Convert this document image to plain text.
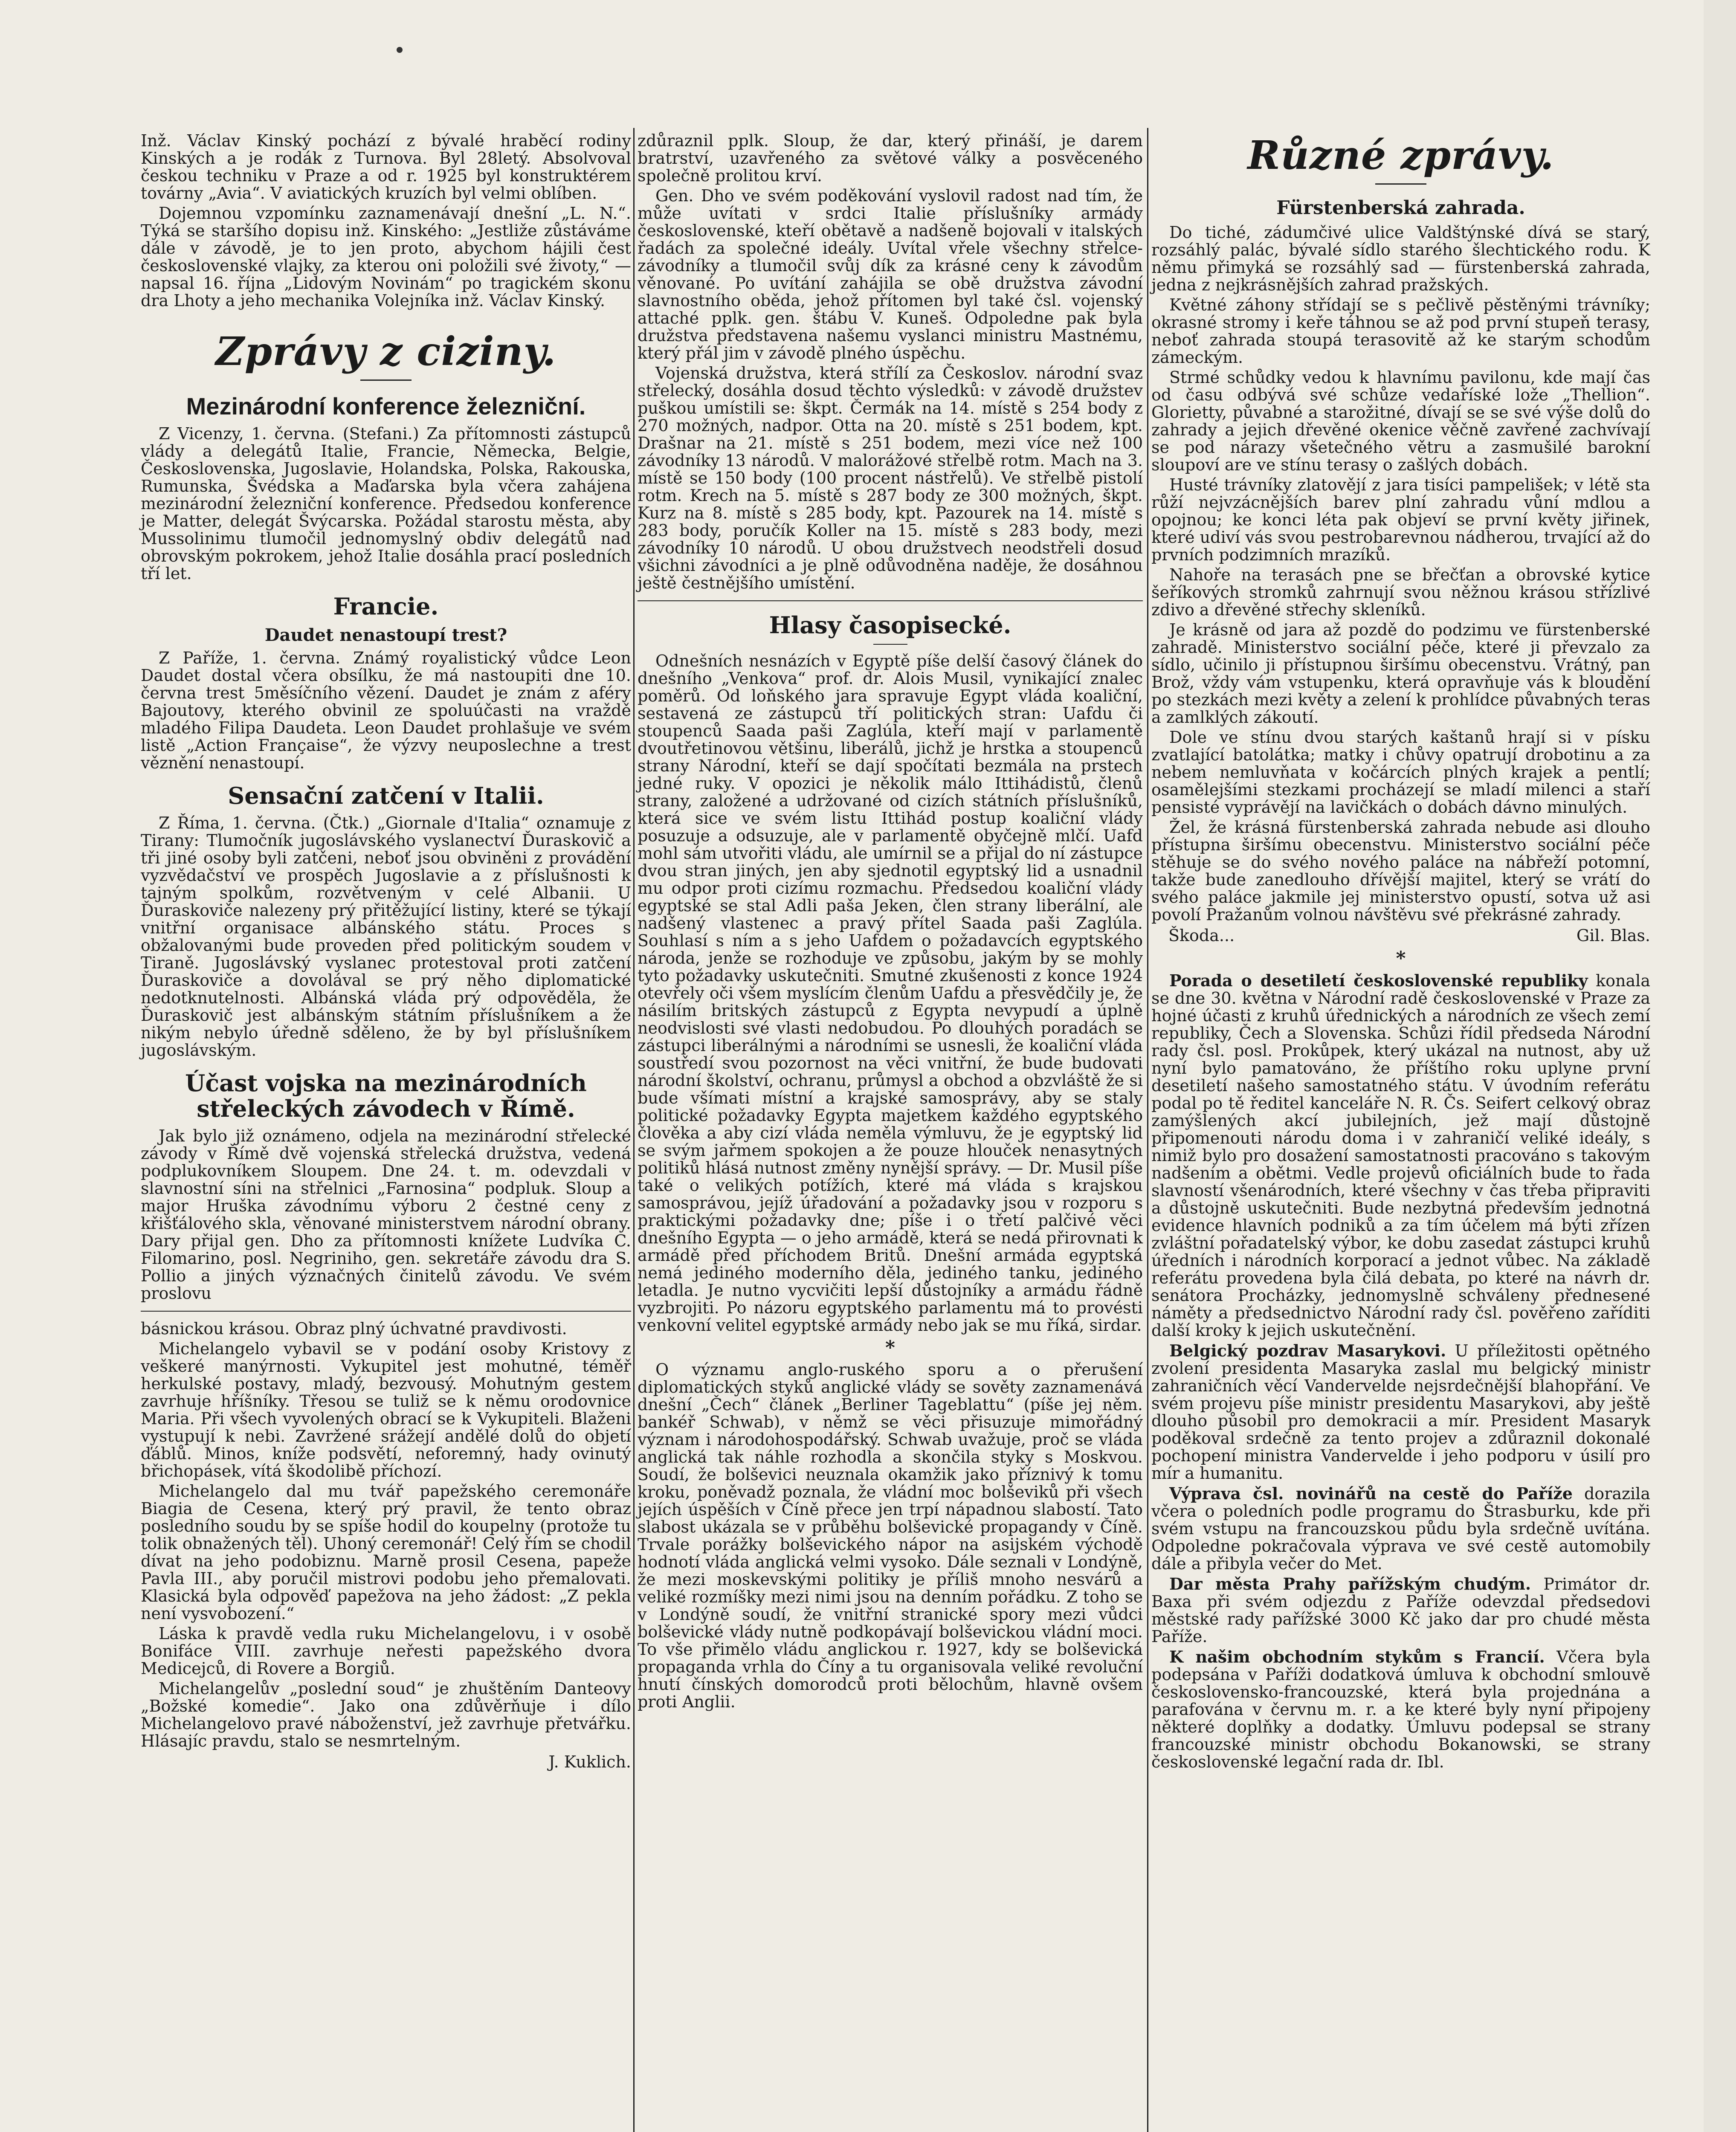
Inž. Václav Kinský pochází z bývalé hraběcí rodiny Kinských a je rodák z Turnova. Byl 28letý. Absolvoval českou techniku v Praze a od r. 1925 byl konstruktérem továrny „Avia“. V aviatických kruzích byl velmi oblíben.

Dojemnou vzpomínku zaznamenávají dnešní „L. N.“. Týká se staršího dopisu inž. Kinského: „Jestliže zůstáváme dále v závodě, je to jen proto, abychom hájili čest československé vlajky, za kterou oni položili své životy,“ — napsal 16. října „Lidovým Novinám“ po tragickém skonu dra Lhoty a jeho mechanika Volejníka inž. Václav Kinský.

Zprávy z ciziny.
Mezinárodní konference železniční.

Z Vicenzy, 1. června. (Stefani.) Za přítomnosti zástupců vlády a delegátů Italie, Francie, Německa, Belgie, Československa, Jugoslavie, Holandska, Polska, Rakouska, Rumunska, Švédska a Maďarska byla včera zahájena mezinárodní železniční konference. Předsedou konference je Matter, delegát Švýcarska. Požádal starostu města, aby Mussolinimu tlumočil jednomyslný obdiv delegátů nad obrovským pokrokem, jehož Italie dosáhla prací posledních tří let.

Francie.
Daudet nenastoupí trest?

Z Paříže, 1. června. Známý royalistický vůdce Leon Daudet dostal včera obsílku, že má nastoupiti dne 10. června trest 5měsíčního vězení. Daudet je znám z aféry Bajoutovy, kterého obvinil ze spoluúčasti na vraždě mladého Filipa Daudeta. Leon Daudet prohlašuje ve svém listě „Action Française“, že výzvy neuposlechne a trest věznění nenastoupí.

Sensační zatčení v Italii.

Z Říma, 1. června. (Čtk.) „Giornale d'Italia“ oznamuje z Tirany: Tlumočník jugoslávského vyslanectví Ďuraskovič a tři jiné osoby byli zatčeni, neboť jsou obviněni z provádění vyzvědačství ve prospěch Jugoslavie a z příslušnosti k tajným spolkům, rozvětveným v celé Albanii. U Ďuraskoviče nalezeny prý přitěžující listiny, které se týkají vnitřní organisace albánského státu. Proces s obžalovanými bude proveden před politickým soudem v Tiraně. Jugoslávský vyslanec protestoval proti zatčení Ďuraskoviče a dovolával se prý něho diplomatické nedotknutelnosti. Albánská vláda prý odpověděla, že Ďuraskovič jest albánským státním příslušníkem a že nikým nebylo úředně sdělenо, že by byl příslušníkem jugoslávským.

Účast vojska na mezinárodních střeleckých závodech v Římě.

Jak bylo již oznámeno, odjela na mezinárodní střelecké závody v Římě dvě vojenská střelecká družstva, vedená podplukovníkem Sloupem. Dne 24. t. m. odevzdali v slavnostní síni na střelnici „Farnosina“ podpluk. Sloup a major Hruška závodnímu výboru 2 čestné ceny z křišťálového skla, věnované ministerstvem národní obrany. Dary přijal gen. Dho za přítomnosti knížete Ludvíka C. Filomarino, posl. Negriniho, gen. sekretáře závodu dra S. Pollio a jiných význačných činitelů závodu. Ve svém proslovu

básnickou krásou. Obraz plný úchvatné pravdivosti.

Michelangelo vybavil se v podání osoby Kristovy z veškeré manýrnosti. Vykupitel jest mohutné, téměř herkulské postavy, mladý, bezvousý. Mohutným gestem zavrhuje hříšníky. Třesou se tuliž se k němu orodovnice Maria. Při všech vyvolených obrací se k Vykupiteli. Blaženi vystupují k nebi. Zavržené srážejí andělé dolů do objetí ďáblů. Minos, kníže podsvětí, neforemný, hady ovinutý břichopásek, vítá škodolibě příchozí.

Michelangelo dal mu tvář papežského ceremonáře Biagia de Cesena, který prý pravil, že tento obraz posledního soudu by se spíše hodil do koupelny (protože tu tolik obnažených těl). Uhoný ceremonář! Celý řím se chodil dívat na jeho podobiznu. Marně prosil Cesena, papeže Pavla III., aby poručil mistrovi podobu jeho přemalovati. Klasická byla odpověď papežova na jeho žádost: „Z pekla není vysvobození.“

Láska k pravdě vedla ruku Michelangelovu, i v osobě Bonifáce VIII. zavrhuje neřesti papežského dvora Medicejců, di Rovere a Borgiů.

Michelangelův „poslední soud“ je zhuštěním Danteovy „Božské komedie“. Jako ona zdůvěrňuje i dílo Michelangelovo pravé náboženství, jež zavrhuje přetvářku. Hlásajíc pravdu, stalo se nesmrtelným.

J. Kuklich.

zdůraznil pplk. Sloup, že dar, který přináší, je darem bratrství, uzavřeného za světové války a posvěceného společně prolitou krví.

Gen. Dho ve svém poděkování vyslovil radost nad tím, že může uvítati v srdci Italie příslušníky armády československé, kteří obětavě a nadšeně bojovali v italských řadách za společné ideály. Uvítal vřele všechny střelce-závodníky a tlumočil svůj dík za krásné ceny k závodům věnované. Po uvítání zahájila se obě družstva závodní slavnostního oběda, jehož přítomen byl také čsl. vojenský attaché pplk. gen. štábu V. Kuneš. Odpoledne pak byla družstva představena našemu vyslanci ministru Mastnému, který přál jim v závodě plného úspěchu.

Vojenská družstva, která střílí za Českoslov. národní svaz střelecký, dosáhla dosud těchto výsledků: v závodě družstev puškou umístili se: škpt. Čermák na 14. místě s 254 body z 270 možných, nadpor. Otta na 20. místě s 251 bodem, kpt. Drašnar na 21. místě s 251 bodem, mezi více než 100 závodníky 13 národů. V malorážové střelbě rotm. Mach na 3. místě se 150 body (100 procent nástřelů). Ve střelbě pistolí rotm. Krech na 5. místě s 287 body ze 300 možných, škpt. Kurz na 8. místě s 285 body, kpt. Pazourek na 14. místě s 283 body, poručík Koller na 15. místě s 283 body, mezi závodníky 10 národů. U obou družstvech neodstřeli dosud všichni závodníci a je plně odůvodněna naděje, že dosáhnou ještě čestnějšího umístění.

Hlasy časopisecké.

Odnešních nesnázích v Egyptě píše delší časový článek do dnešního „Venkova“ prof. dr. Alois Musil, vynikající znalec poměrů. Od loňského jara spravuje Egypt vláda koaliční, sestavená ze zástupců tří politických stran: Uafdu či stoupenců Saada paši Zaglúla, kteří mají v parlamentě dvoutřetinovou většinu, liberálů, jichž je hrstka a stoupenců strany Národní, kteří se dají spočítati bezmála na prstech jedné ruky. V opozici je několik málo Ittihádistů, členů strany, založené a udržované od cizích státních příslušníků, která sice ve svém listu Ittihád postup koaliční vlády posuzuje a odsuzuje, ale v parlamentě obyčejně mlčí. Uafd mohl sám utvořiti vládu, ale umírnil se a přijal do ní zástupce dvou stran jiných, jen aby sjednotil egyptský lid a usnadnil mu odpor proti cizímu rozmachu. Předsedou koaliční vlády egyptské se stal Adli paša Jeken, člen strany liberální, ale nadšený vlastenec a pravý přítel Saada paši Zaglúla. Souhlasí s ním a s jeho Uafdem o požadavcích egyptského národa, jenže se rozhoduje ve způsobu, jakým by se mohly tyto požadavky uskutečniti. Smutné zkušenosti z konce 1924 otevřely oči všem myslícím členům Uafdu a přesvědčily je, že násilím britských zástupců z Egypta nevypudí a úplně neodvislosti své vlasti nedobudou. Po dlouhých poradách se zástupci liberálnými a národními se usnesli, že koaliční vláda soustředí svou pozornost na věci vnitřní, že bude budovati národní školství, ochranu, průmysl a obchod a obzvláště že si bude všímati místní a krajské samosprávy, aby se staly politické požadavky Egypta majetkem každého egyptského člověka a aby cizí vláda neměla výmluvu, že je egyptský lid se svým jařmem spokojen a že pouze hlouček nenasytných politiků hlásá nutnost změny nynější správy. — Dr. Musil píše také o velikých potížích, které má vláda s krajskou samosprávou, jejíž úřadování a požadavky jsou v rozporu s praktickými požadavky dne; píše i o třetí palčivé věci dnešního Egypta — o jeho armádě, která se nedá přirovnati k armádě před příchodem Britů. Dnešní armáda egyptská nemá jediného moderního děla, jediného tanku, jediného letadla. Je nutno vycvičiti lepší důstojníky a armádu řádně vyzbrojiti. Po názoru egyptského parlamentu má to provésti venkovní velitel egyptské armády nebo jak se mu říká, sirdar.

*

O významu anglo-ruského sporu a o přerušení diplomatických styků anglické vlády se sověty zaznamenává dnešní „Čech“ článek „Berliner Tageblattu“ (píše jej něm. bankéř Schwab), v němž se věci přisuzuje mimořádný význam i národohospodářský. Schwab uvažuje, proč se vláda anglická tak náhle rozhodla a skončila styky s Moskvou. Soudí, že bolševici neuznala okamžik jako příznivý k tomu kroku, poněvadž poznala, že vládní moc bolševiků při všech jejích úspěších v Číně přece jen trpí nápadnou slabostí. Tato slabost ukázala se v průběhu bolševické propagandy v Číně. Trvale porážky bolševického nápor na asijském východě hodnotí vláda anglická velmi vysoko. Dále seznali v Londýně, že mezi moskevskými politiky je příliš mnoho nesvárů a veliké rozmíšky mezi nimi jsou na denním pořádku. Z toho se v Londýně soudí, že vnitřní stranické spory mezi vůdci bolševické vlády nutně podkopávají bolševickou vládní moci. To vše přimělo vládu anglickou r. 1927, kdy se bolševická propaganda vrhla do Číny a tu organisovala veliké revoluční hnutí čínských domorodců proti bělochům, hlavně ovšem proti Anglii.

Různé zprávy.
Fürstenberská zahrada.

Do tiché, zádumčivé ulice Valdštýnské dívá se starý, rozsáhlý palác, bývalé sídlo starého šlechtického rodu. K němu přimyká se rozsáhlý sad — fürstenberská zahrada, jedna z nejkrásnějších zahrad pražských.

Květné záhony střídají se s pečlivě pěstěnými trávníky; okrasné stromy i keře táhnou se až pod první stupeň terasy, neboť zahrada stoupá terasovitě až ke starým schodům zámeckým.

Strmé schůdky vedou k hlavnímu pavilonu, kde mají čas od času odbývá své schůze vedaříské lože „Thellion“. Glorietty, půvabné a starožitné, dívají se se své výše dolů do zahrady a jejich dřevěné okenice věčně zavřené zachvívají se pod nárazy všetečného větru a zasmušilé barokní sloupoví are ve stínu terasy o zašlých dobách.

Husté trávníky zlatovějí z jara tisíci pampelišek; v létě sta růží nejvzácnějších barev plní zahradu vůní mdlou a opojnou; ke konci léta pak objeví se první květy jiřinek, které udiví vás svou pestrobarevnou nádherou, trvající až do prvních podzimních mrazíků.

Nahoře na terasách pne se břečťan a obrovské kytice šeříkových stromků zahrnují svou něžnou krásou střízlivé zdivo a dřevěné střechy skleníků.

Je krásně od jara až pozdě do podzimu ve fürstenberské zahradě. Ministerstvo sociální péče, které ji převzalo za sídlo, učinilo ji přístupnou širšímu obecenstvu. Vrátný, pan Brož, vždy vám vstupenku, která opravňuje vás k bloudění po stezkách mezi květy a zelení k prohlídce půvabných teras a zamlklých zákoutí.

Dole ve stínu dvou starých kaštanů hrají si v písku zvatlající batolátka; matky i chůvy opatrují drobotinu a za nebem nemluvňata v kočárcích plných krajek a pentlí; osamělejšími stezkami procházejí se mladí milenci a staří pensisté vyprávějí na lavičkách o dobách dávno minulých.

Žel, že krásná fürstenberská zahrada nebude asi dlouho přístupna širšímu obecenstvu. Ministerstvo sociální péče stěhuje se do svého nového paláce na nábřeží potomní, takže bude zanedlouho dřívější majitel, který se vrátí do svého paláce jakmile jej ministerstvo opustí, sotva už asi povolí Pražanům volnou návštěvu své překrásné zahrady.

Škoda...	Gil. Blas.
*

Porada o desetiletí československé republiky konala se dne 30. května v Národní radě československé v Praze za hojné účasti z kruhů úřednických a národních ze všech zemí republiky, Čech a Slovenska. Schůzi řídil předseda Národní rady čsl. posl. Prokůpek, který ukázal na nutnost, aby už nyní bylo pamatováno, že příštího roku uplyne první desetiletí našeho samostatného státu. V úvodním referátu podal po tě ředitel kanceláře N. R. Čs. Seifert celkový obraz zamýšlených akcí jubilejních, jež mají důstojně připomenouti národu doma i v zahraničí veliké ideály, s nimiž bylo pro dosažení samostatnosti pracováno s takovým nadšením a obětmi. Vedle projevů oficiálních bude to řada slavností všenárodních, které všechny v čas třeba připraviti a důstojně uskutečniti. Bude nezbytná především jednotná evidence hlavních podniků a za tím účelem má býti zřízen zvláštní pořadatelský výbor, ke dobu zasedat zástupci kruhů úředních i národních korporací a jednot vůbec. Na základě referátu provedena byla čilá debata, po které na návrh dr. senátora Procházky, jednomyslně schváleny přednesené náměty a předsednictvo Národní rady čsl. pověřeno zaříditi další kroky k jejich uskutečnění.

Belgický pozdrav Masarykovi. U příležitosti opětného zvolení presidenta Masaryka zaslal mu belgický ministr zahraničních věcí Vandervelde nejsrdečnější blahopřání. Ve svém projevu píše ministr presidentu Masarykovi, aby ještě dlouho působil pro demokracii a mír. President Masaryk poděkoval srdečně za tento projev a zdůraznil dokonalé pochopení ministra Vandervelde i jeho podporu v úsilí pro mír a humanitu.

Výprava čsl. novinářů na cestě do Paříže dorazila včera o poledních podle programu do Štrasburku, kde při svém vstupu na francouzskou půdu byla srdečně uvítána. Odpoledne pokračovala výprava ve své cestě automobily dále a přibyla večer do Met.

Dar města Prahy pařížským chudým. Primátor dr. Baxa při svém odjezdu z Paříže odevzdal předsedovi městské rady pařížské 3000 Kč jako dar pro chudé města Paříže.

K našim obchodním stykům s Francií. Včera byla podepsána v Paříži dodatková úmluva k obchodní smlouvě československo-francouzské, která byla projednána a parafována v červnu m. r. a ke které byly nyní připojeny některé doplňky a dodatky. Úmluvu podepsal se strany francouzské ministr obchodu Bokanowski, se strany československé legační rada dr. Ibl.
